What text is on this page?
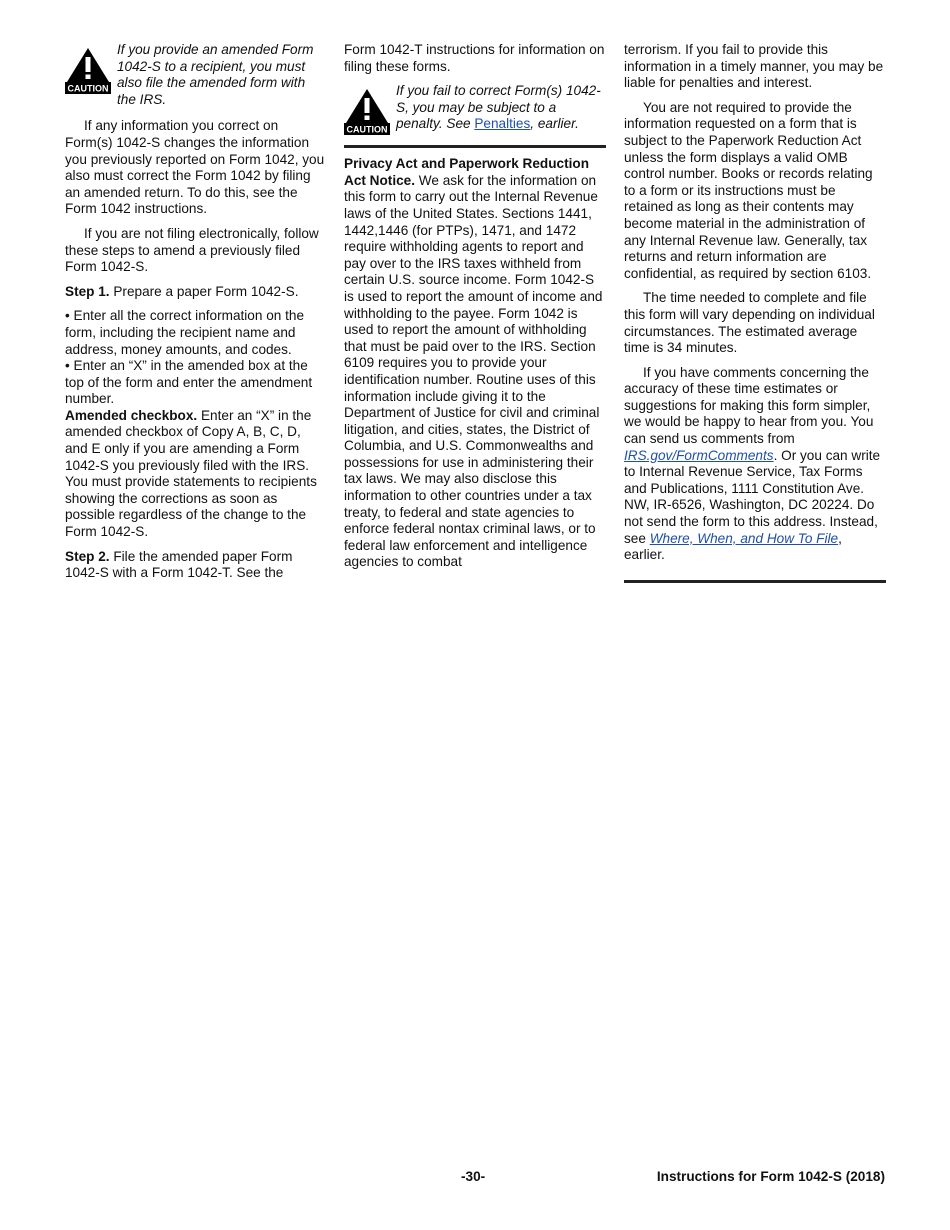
CAUTION
If you provide an amended Form 1042-S to a recipient, you must also file the amended form with the IRS.

If any information you correct on Form(s) 1042-S changes the information you previously reported on Form 1042, you also must correct the Form 1042 by filing an amended return. To do this, see the Form 1042 instructions.

If you are not filing electronically, follow these steps to amend a previously filed Form 1042-S.

Step 1. Prepare a paper Form 1042-S.

• Enter all the correct information on the form, including the recipient name and address, money amounts, and codes.

• Enter an “X” in the amended box at the top of the form and enter the amendment number.

Amended checkbox. Enter an “X” in the amended checkbox of Copy A, B, C, D, and E only if you are amending a Form 1042-S you previously filed with the IRS. You must provide statements to recipients showing the corrections as soon as possible regardless of the change to the Form 1042-S.

Step 2. File the amended paper Form 1042-S with a Form 1042-T. See the

Form 1042-T instructions for information on filing these forms.

CAUTION
If you fail to correct Form(s) 1042-S, you may be subject to a penalty. See Penalties, earlier.

Privacy Act and Paperwork Reduction Act Notice. We ask for the information on this form to carry out the Internal Revenue laws of the United States. Sections 1441, 1442,1446 (for PTPs), 1471, and 1472 require withholding agents to report and pay over to the IRS taxes withheld from certain U.S. source income. Form 1042-S is used to report the amount of income and withholding to the payee. Form 1042 is used to report the amount of withholding that must be paid over to the IRS. Section 6109 requires you to provide your identification number. Routine uses of this information include giving it to the Department of Justice for civil and criminal litigation, and cities, states, the District of Columbia, and U.S. Commonwealths and possessions for use in administering their tax laws. We may also disclose this information to other countries under a tax treaty, to federal and state agencies to enforce federal nontax criminal laws, or to federal law enforcement and intelligence agencies to combat

terrorism. If you fail to provide this information in a timely manner, you may be liable for penalties and interest.

You are not required to provide the information requested on a form that is subject to the Paperwork Reduction Act unless the form displays a valid OMB control number. Books or records relating to a form or its instructions must be retained as long as their contents may become material in the administration of any Internal Revenue law. Generally, tax returns and return information are confidential, as required by section 6103.

The time needed to complete and file this form will vary depending on individual circumstances. The estimated average time is 34 minutes.

If you have comments concerning the accuracy of these time estimates or suggestions for making this form simpler, we would be happy to hear from you. You can send us comments from IRS.gov/FormComments. Or you can write to Internal Revenue Service, Tax Forms and Publications, 1111 Constitution Ave. NW, IR-6526, Washington, DC 20224. Do not send the form to this address. Instead, see Where, When, and How To File, earlier.

-30-	Instructions for Form 1042-S (2018)
